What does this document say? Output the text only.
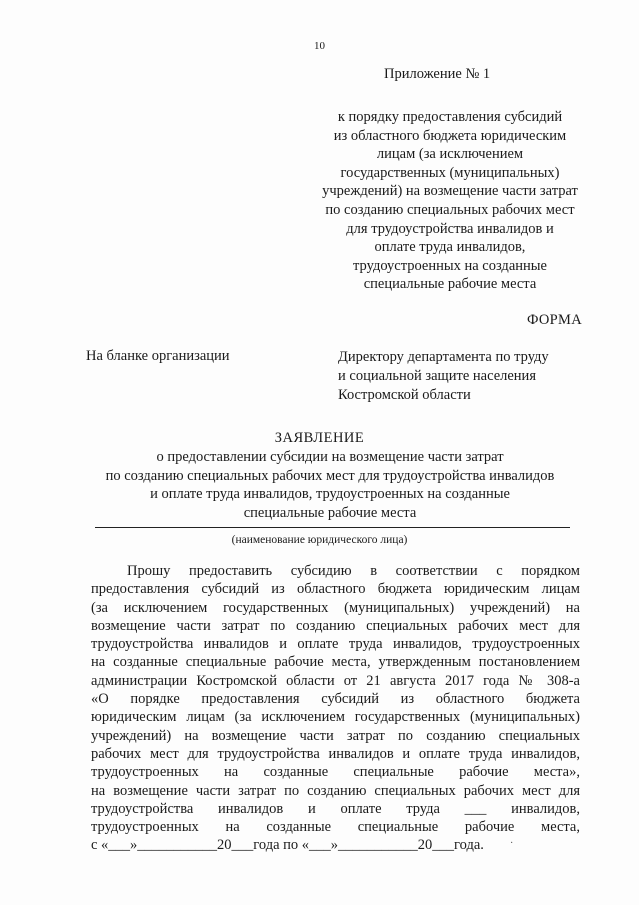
10
Приложение № 1
к порядку предоставления субсидий
из областного бюджета юридическим
лицам (за исключением
государственных (муниципальных)
учреждений) на возмещение части затрат
по созданию специальных рабочих мест
для трудоустройства инвалидов и
оплате труда инвалидов,
трудоустроенных на созданные
специальные рабочие места
ФОРМА
На бланке организации	Директору департамента по труду
и социальной защите населения
Костромской области
ЗАЯВЛЕНИЕ
о предоставлении субсидии на возмещение части затрат
по созданию специальных рабочих мест для трудоустройства инвалидов
и оплате труда инвалидов, трудоустроенных на созданные
специальные рабочие места
(наименование юридического лица)
Прошу предоставить субсидию в соответствии с порядком
предоставления субсидий из областного бюджета юридическим лицам
(за исключением государственных (муниципальных) учреждений) на
возмещение части затрат по созданию специальных рабочих мест для
трудоустройства инвалидов и оплате труда инвалидов, трудоустроенных
на созданные специальные рабочие места, утвержденным постановлением
администрации Костромской области от 21 августа 2017 года № 308-а
«О порядке предоставления субсидий из областного бюджета
юридическим лицам (за исключением государственных (муниципальных)
учреждений) на возмещение части затрат по созданию специальных
рабочих мест для трудоустройства инвалидов и оплате труда инвалидов,
трудоустроенных на созданные специальные рабочие места»,
на возмещение части затрат по созданию специальных рабочих мест для
трудоустройства инвалидов и оплате труда ___ инвалидов,
трудоустроенных на созданные специальные рабочие места,
с «___»___________20___года по «___»___________20___года.	·
